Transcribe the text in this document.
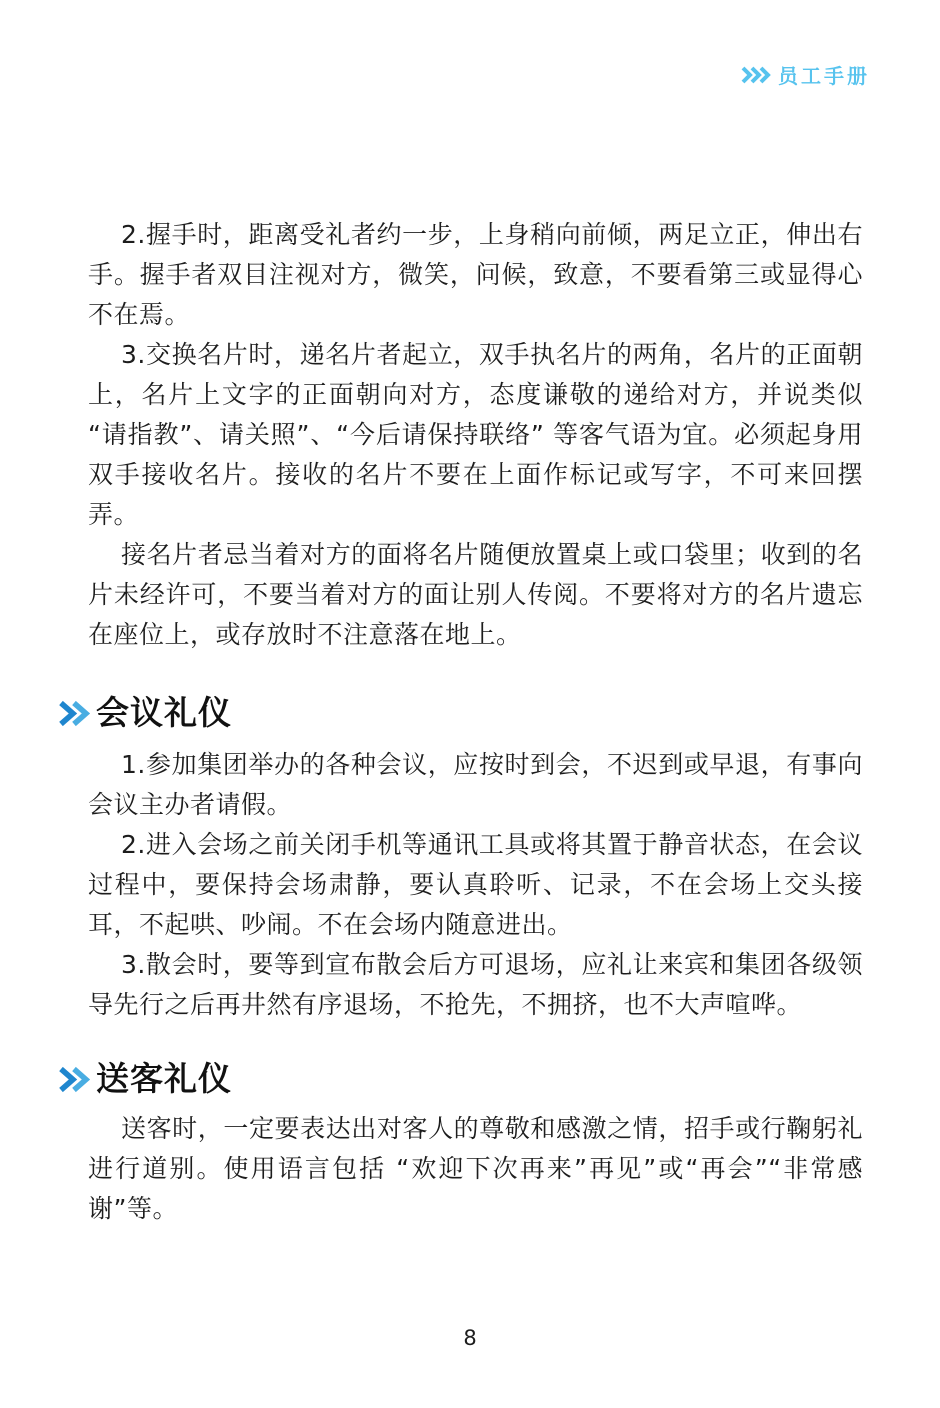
员工手册

2.握手时，距离受礼者约一步，上身稍向前倾，两足立正，伸出右手。握手者双目注视对方，微笑，问候，致意，不要看第三或显得心不在焉。

3.交换名片时，递名片者起立，双手执名片的两角，名片的正面朝上，名片上文字的正面朝向对方，态度谦敬的递给对方，并说类似 “请指教”、请关照”、“今后请保持联络” 等客气语为宜。必须起身用双手接收名片。接收的名片不要在上面作标记或写字，不可来回摆弄。

接名片者忌当着对方的面将名片随便放置桌上或口袋里；收到的名片未经许可，不要当着对方的面让别人传阅。不要将对方的名片遗忘在座位上，或存放时不注意落在地上。

会议礼仪

1.参加集团举办的各种会议，应按时到会，不迟到或早退，有事向会议主办者请假。

2.进入会场之前关闭手机等通讯工具或将其置于静音状态，在会议过程中，要保持会场肃静，要认真聆听、记录，不在会场上交头接耳，不起哄、吵闹。不在会场内随意进出。

3.散会时，要等到宣布散会后方可退场，应礼让来宾和集团各级领导先行之后再井然有序退场，不抢先，不拥挤，也不大声喧哗。

送客礼仪

送客时，一定要表达出对客人的尊敬和感激之情，招手或行鞠躬礼进行道别。使用语言包括 “欢迎下次再来”再见”或“再会”“非常感谢”等。

8
